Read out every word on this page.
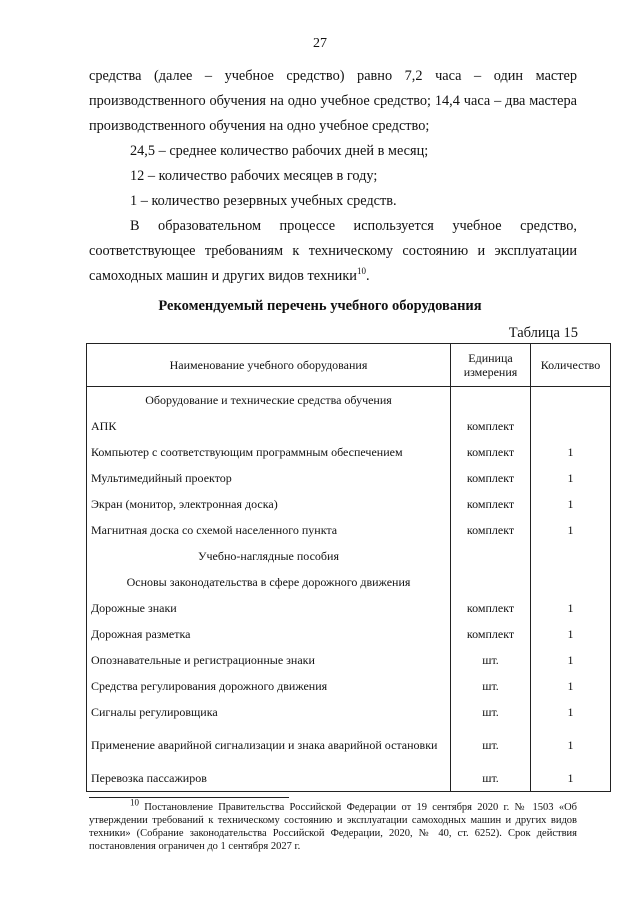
27

средства (далее – учебное средство) равно 7,2 часа – один мастер производственного обучения на одно учебное средство; 14,4 часа – два мастера производственного обучения на одно учебное средство;

24,5 – среднее количество рабочих дней в месяц;

12 – количество рабочих месяцев в году;

1 – количество резервных учебных средств.

В образовательном процессе используется учебное средство, соответствующее требованиям к техническому состоянию и эксплуатации самоходных машин и других видов техники$^{10}$.

Рекомендуемый перечень учебного оборудования
Таблица 15
Наименование учебного оборудования	Единица измерения	Количество
Оборудование и технические средства обучения		
АПК	комплект	
Компьютер с соответствующим программным обеспечением	комплект	1
Мультимедийный проектор	комплект	1
Экран (монитор, электронная доска)	комплект	1
Магнитная доска со схемой населенного пункта	комплект	1
Учебно-наглядные пособия		
Основы законодательства в сфере дорожного движения		
Дорожные знаки	комплект	1
Дорожная разметка	комплект	1
Опознавательные и регистрационные знаки	шт.	1
Средства регулирования дорожного движения	шт.	1
Сигналы регулировщика	шт.	1
Применение аварийной сигнализации и знака аварийной остановки	шт.	1
Перевозка пассажиров	шт.	1
$^{10}$ Постановление Правительства Российской Федерации от 19 сентября 2020 г. № 1503 «Об утверждении требований к техническому состоянию и эксплуатации самоходных машин и других видов техники» (Собрание законодательства Российской Федерации, 2020, № 40, ст. 6252). Срок действия постановления ограничен до 1 сентября 2027 г.
